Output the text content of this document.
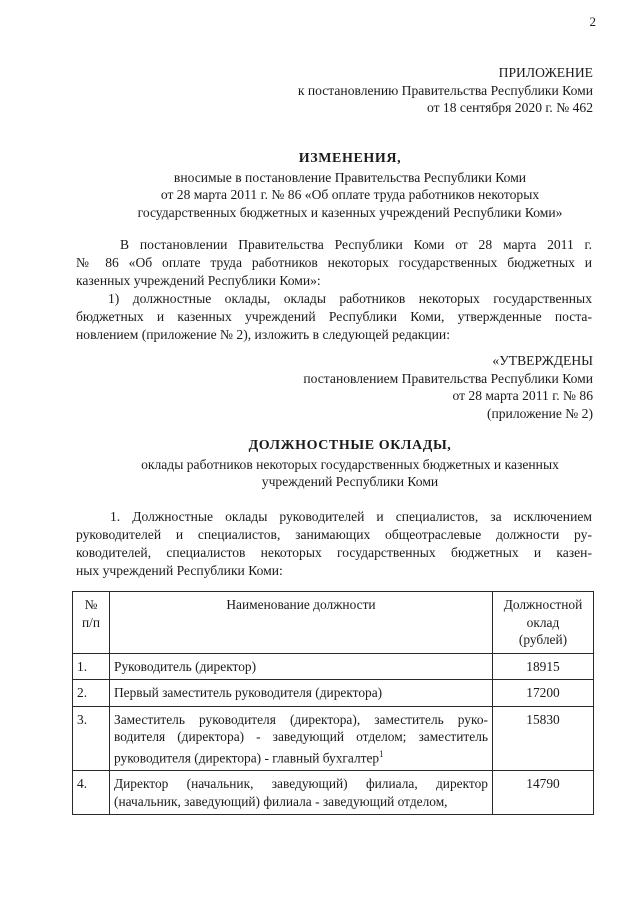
2
ПРИЛОЖЕНИЕ
к постановлению Правительства Республики Коми
от 18 сентября 2020 г. № 462
ИЗМЕНЕНИЯ,
вносимые в постановление Правительства Республики Коми
от 28 марта 2011 г. № 86 «Об оплате труда работников некоторых
государственных бюджетных и казенных учреждений Республики Коми»
В постановлении Правительства Республики Коми от 28 марта 2011 г.
№ 86 «Об оплате труда работников некоторых государственных бюджетных и
казенных учреждений Республики Коми»:
1) должностные оклады, оклады работников некоторых государственных
бюджетных и казенных учреждений Республики Коми, утвержденные поста-
новлением (приложение № 2), изложить в следующей редакции:
«УТВЕРЖДЕНЫ
постановлением Правительства Республики Коми
от 28 марта 2011 г. № 86
(приложение № 2)
ДОЛЖНОСТНЫЕ ОКЛАДЫ,
оклады работников некоторых государственных бюджетных и казенных
учреждений Республики Коми
1. Должностные оклады руководителей и специалистов, за исключением
руководителей и специалистов, занимающих общеотраслевые должности ру-
ководителей, специалистов некоторых государственных бюджетных и казен-
ных учреждений Республики Коми:
№
п/п	Наименование должности	Должностной
оклад
(рублей)

1.	Руководитель (директор)	18915
2.	Первый заместитель руководителя (директора)	17200
3.	Заместитель руководителя (директора), заместитель руко-
водителя (директора) - заведующий отделом; заместитель
руководителя (директора) - главный бухгалтер$^1$	15830
4.	Директор (начальник, заведующий) филиала, директор
(начальник, заведующий) филиала - заведующий отделом,	14790
